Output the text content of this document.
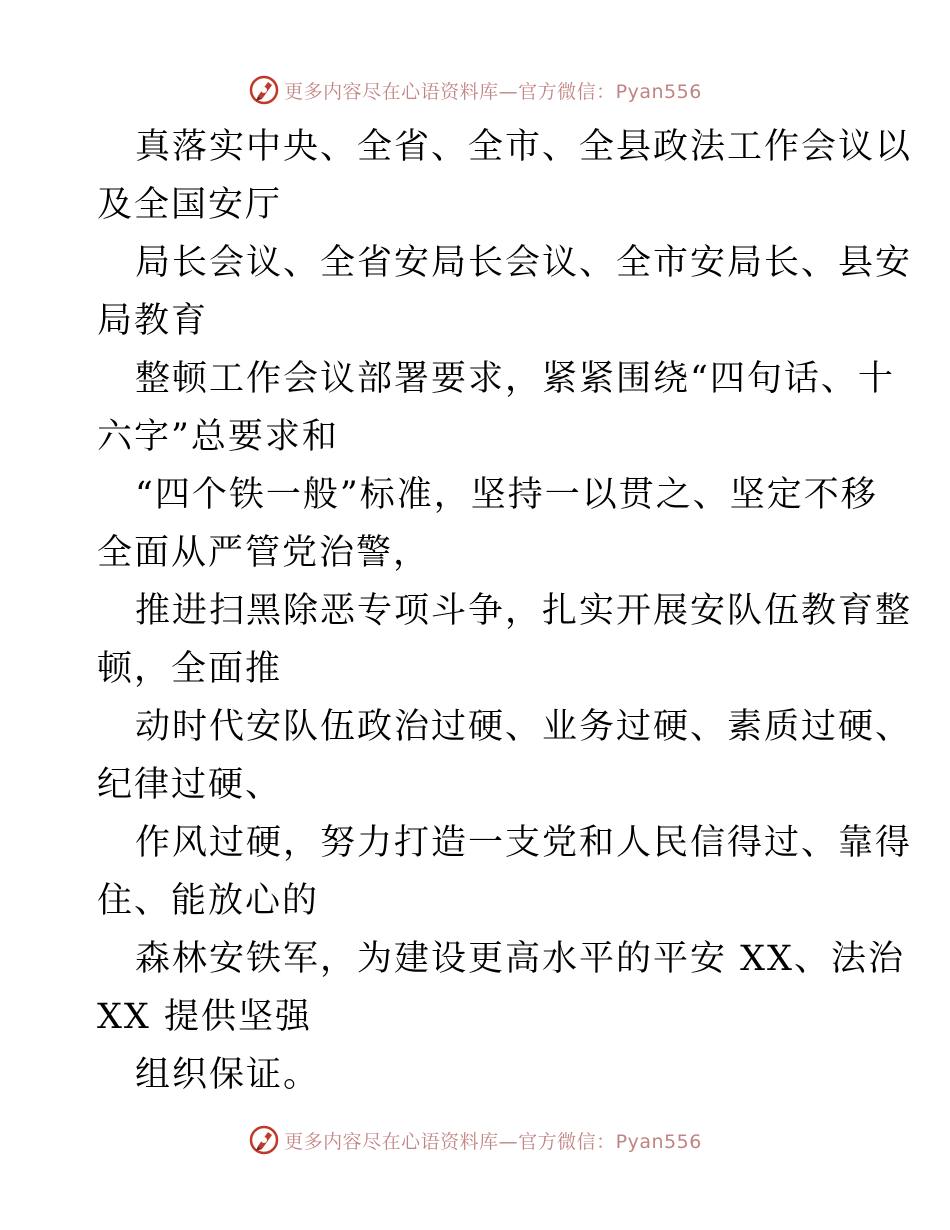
更多内容尽在心语资料库—官方微信：Pyan556
真落实中央、全省、全市、全县政法工作会议以
及全国安厅
局长会议、全省安局长会议、全市安局长、县安
局教育
整顿工作会议部署要求，紧紧围绕“四句话、十
六字”总要求和
“四个铁一般”标准，坚持一以贯之、坚定不移
全面从严管党治警，
推进扫黑除恶专项斗争，扎实开展安队伍教育整
顿，全面推
动时代安队伍政治过硬、业务过硬、素质过硬、
纪律过硬、
作风过硬，努力打造一支党和人民信得过、靠得
住、能放心的
森林安铁军，为建设更高水平的平安 XX、法治
XX 提供坚强
组织保证。
更多内容尽在心语资料库—官方微信：Pyan556
